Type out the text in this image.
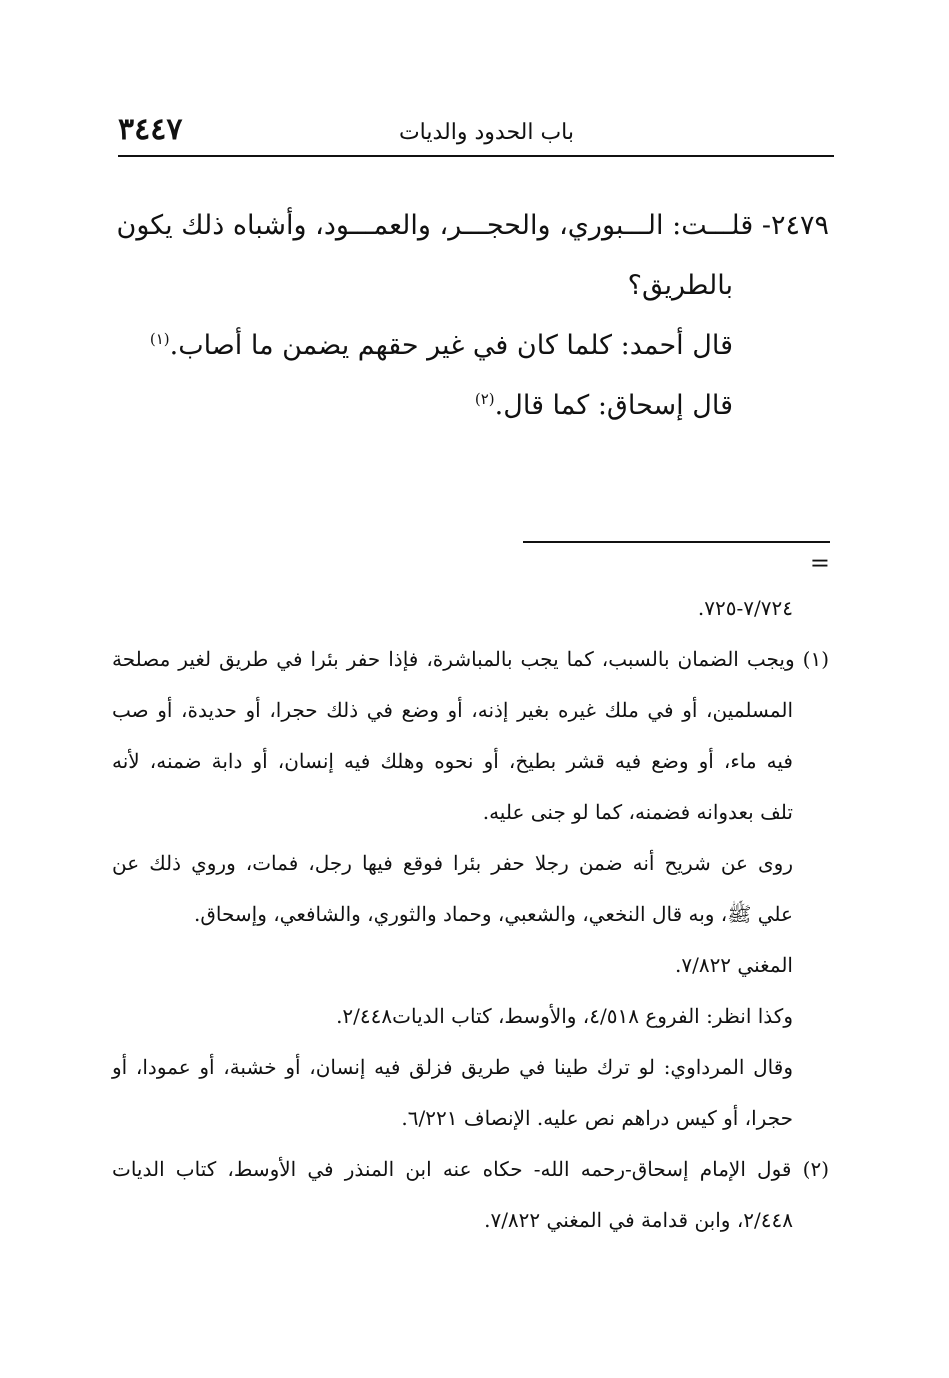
باب الحدود والديات
٣٤٤٧
٢٤٧٩- قلـــت: الـــبوري، والحجـــر، والعمـــود، وأشباه ذلك يكون
بالطريق؟
قال أحمد: كلما كان في غير حقهم يضمن ما أصاب.$^{(١)}$
قال إسحاق: كما قال.$^{(٢)}$
=
٧/٧٢٤-٧٢٥.
(١) ويجب الضمان بالسبب، كما يجب بالمباشرة، فإذا حفر بئرا في طريق لغير مصلحة
المسلمين، أو في ملك غيره بغير إذنه، أو وضع في ذلك حجرا، أو حديدة، أو صب
فيه ماء، أو وضع فيه قشر بطيخ، أو نحوه وهلك فيه إنسان، أو دابة ضمنه، لأنه
تلف بعدوانه فضمنه، كما لو جنى عليه.
روى عن شريح أنه ضمن رجلا حفر بئرا فوقع فيها رجل، فمات، وروي ذلك عن
علي ﷺ، وبه قال النخعي، والشعبي، وحماد والثوري، والشافعي، وإسحاق.
المغني ٧/٨٢٢.
وكذا انظر: الفروع ٤/٥١٨، والأوسط، كتاب الديات٢/٤٤٨.
وقال المرداوي: لو ترك طينا في طريق فزلق فيه إنسان، أو خشبة، أو عمودا، أو
حجرا، أو كيس دراهم نص عليه. الإنصاف ٦/٢٢١.
(٢) قول الإمام إسحاق-رحمه الله- حكاه عنه ابن المنذر في الأوسط، كتاب الديات
٢/٤٤٨، وابن قدامة في المغني ٧/٨٢٢.
